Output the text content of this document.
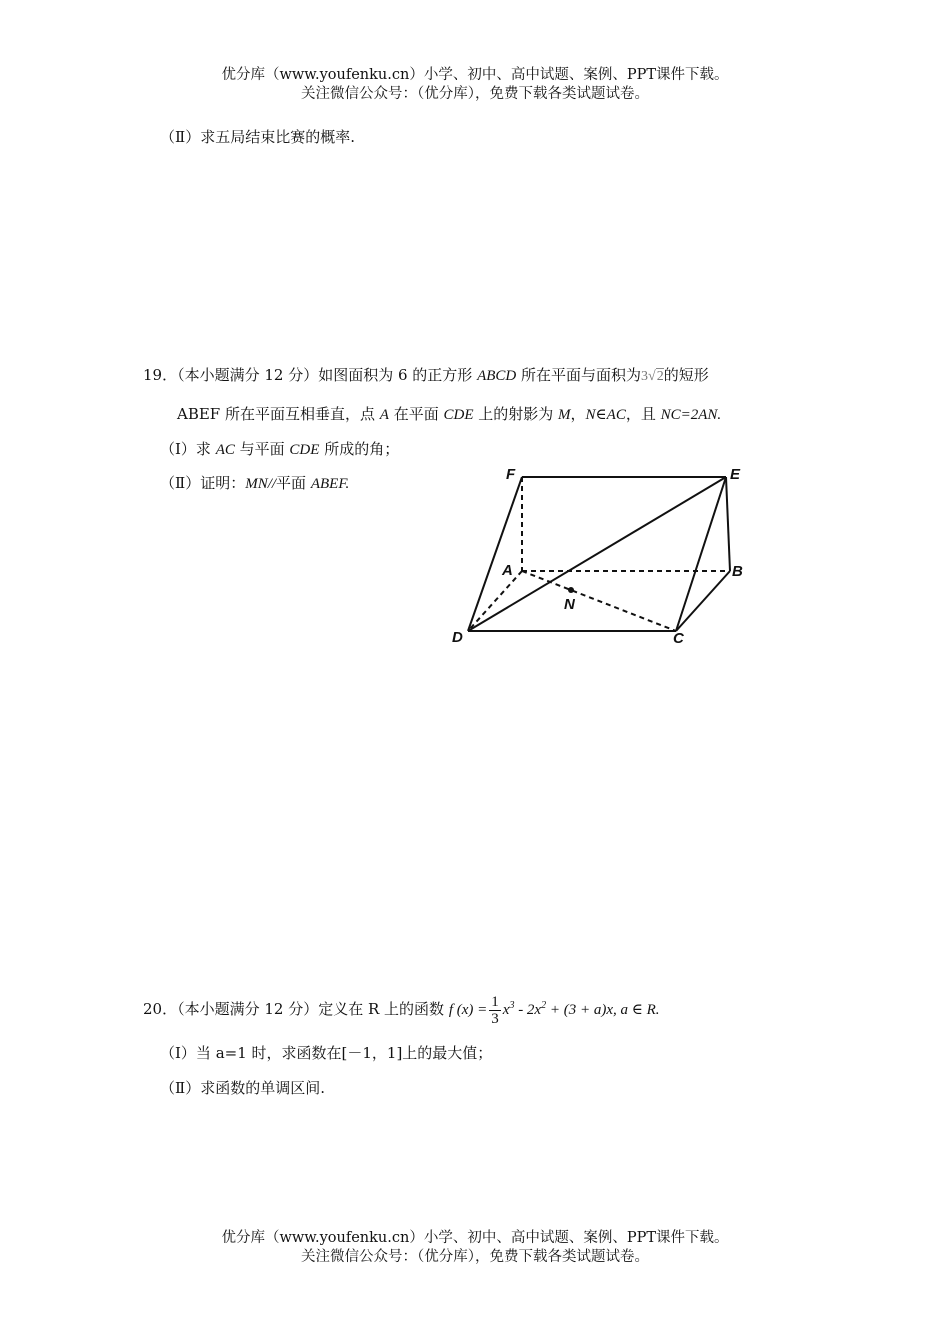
优分库（www.youfenku.cn）小学、初中、高中试题、案例、PPT课件下载。
关注微信公众号：（优分库），免费下载各类试题试卷。
（Ⅱ）求五局结束比赛的概率.
19．（本小题满分 12 分）如图面积为 6 的正方形 ABCD 所在平面与面积为3√2的短形
ABEF 所在平面互相垂直，点 A 在平面 CDE 上的射影为 M，N∈AC，且 NC=2AN.
（Ⅰ）求 AC 与平面 CDE 所成的角；
（Ⅱ）证明：MN//平面 ABEF.
F	E
A	B
N
D	C
20．（本小题满分 12 分）定义在 R 上的函数 f $(x) = \frac{1}{3} x^3 - 2x^2 + (3 + a)x$, a ∈ R.
（Ⅰ）当 a=1 时，求函数在[－1，1]上的最大值；
（Ⅱ）求函数的单调区间.
优分库（www.youfenku.cn）小学、初中、高中试题、案例、PPT课件下载。
关注微信公众号：（优分库），免费下载各类试题试卷。
